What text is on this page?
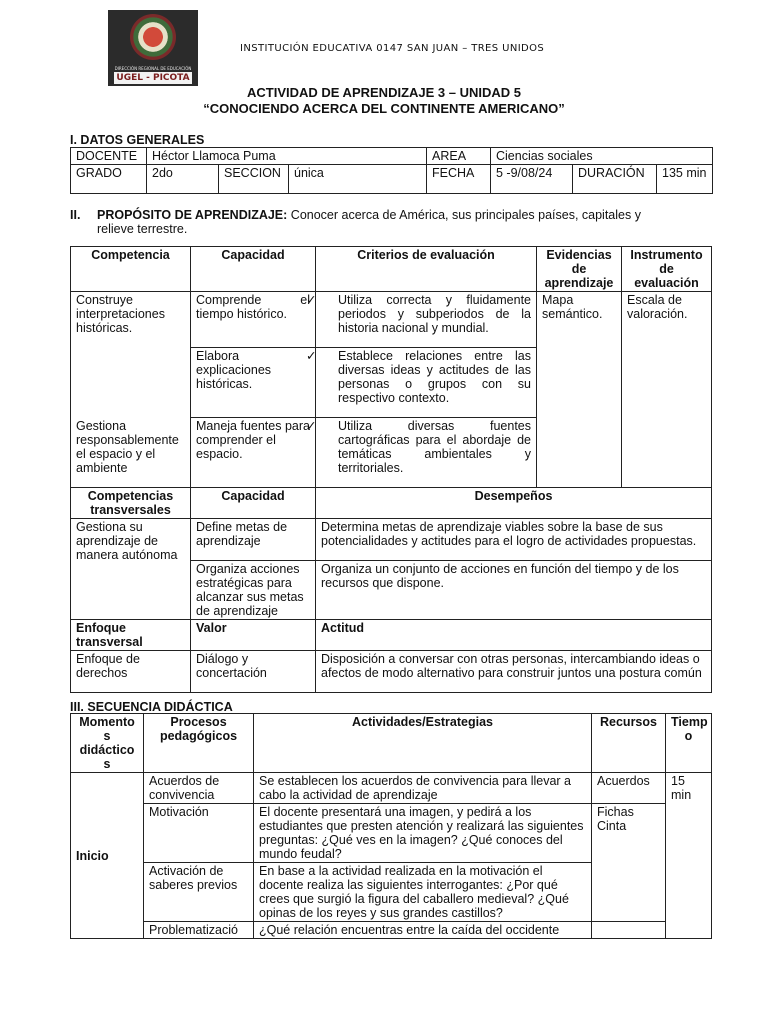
DIRECCIÓN REGIONAL DE EDUCACIÓN
UGEL - PICOTA
INSTITUCIÓN EDUCATIVA 0147 SAN JUAN – TRES UNIDOS
ACTIVIDAD DE APRENDIZAJE 3 – UNIDAD 5
“CONOCIENDO ACERCA DEL CONTINENTE AMERICANO”
I. DATOS GENERALES
DOCENTE	Héctor Llamoca Puma			AREA	Ciencias sociales		
GRADO	2do	SECCION	única	FECHA	5 -9/08/24	DURACIÓN	135 min
II. PROPÓSITO DE APRENDIZAJE: Conocer acerca de América, sus principales países, capitales y
relieve terrestre.
Competencia	Capacidad	Criterios de evaluación	Evidencias de aprendizaje	Instrumento de evaluación
Construye interpretaciones históricas.	Comprende el tiempo histórico.	✓ Utiliza correcta y fluidamente periodos y subperiodos de la historia nacional y mundial.	Mapa semántico.	Escala de valoración.
	Elabora explicaciones históricas.	✓ Establece relaciones entre las diversas ideas y actitudes de las personas o grupos con su respectivo contexto.
Gestiona responsablemente el espacio y el ambiente	Maneja fuentes para comprender el espacio.	✓ Utiliza diversas fuentes cartográficas para el abordaje de temáticas ambientales y territoriales.
Competencias transversales	Capacidad	Desempeños		
Gestiona su aprendizaje de manera autónoma	Define metas de aprendizaje	Determina metas de aprendizaje viables sobre la base de sus potencialidades y actitudes para el logro de actividades propuestas.		
	Organiza acciones estratégicas para alcanzar sus metas de aprendizaje	Organiza un conjunto de acciones en función del tiempo y de los recursos que dispone.		
Enfoque transversal	Valor	Actitud		
Enfoque de derechos	Diálogo y concertación	Disposición a conversar con otras personas, intercambiando ideas o afectos de modo alternativo para construir juntos una postura común		
III. SECUENCIA DIDÁCTICA
Momento s didáctico s	Procesos pedagógicos	Actividades/Estrategias	Recursos	Tiemp o
Inicio	Acuerdos de convivencia	Se establecen los acuerdos de convivencia para llevar a cabo la actividad de aprendizaje	Acuerdos	15 min
	Motivación	El docente presentará una imagen, y pedirá a los estudiantes que presten atención y realizará las siguientes preguntas: ¿Qué ves en la imagen? ¿Qué conoces del mundo feudal?	Fichas Cinta	
	Activación de saberes previos	En base a la actividad realizada en la motivación el docente realiza las siguientes interrogantes: ¿Por qué crees que surgió la figura del caballero medieval? ¿Qué opinas de los reyes y sus grandes castillos?		
	Problematizació	¿Qué relación encuentras entre la caída del occidente		
